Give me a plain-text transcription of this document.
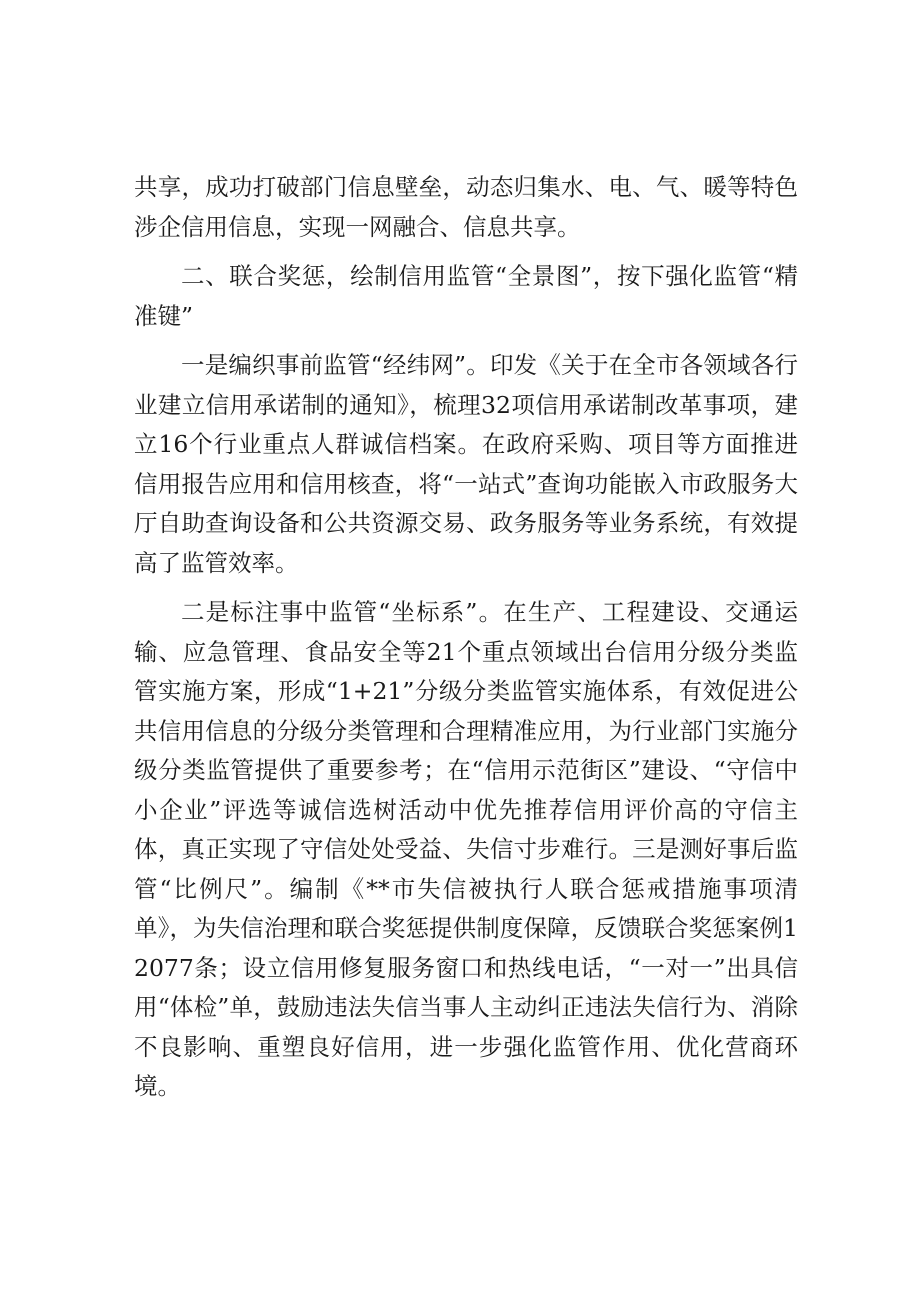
共享，成功打破部门信息壁垒，动态归集水、电、气、暖等特色涉企信用信息，实现一网融合、信息共享。

二、联合奖惩，绘制信用监管“全景图”，按下强化监管“精准键”

一是编织事前监管“经纬网”。印发《关于在全市各领域各行业建立信用承诺制的通知》，梳理32项信用承诺制改革事项，建立16个行业重点人群诚信档案。在政府采购、项目等方面推进信用报告应用和信用核查，将“一站式”查询功能嵌入市政服务大厅自助查询设备和公共资源交易、政务服务等业务系统，有效提高了监管效率。

二是标注事中监管“坐标系”。在生产、工程建设、交通运输、应急管理、食品安全等21个重点领域出台信用分级分类监管实施方案，形成“1+21”分级分类监管实施体系，有效促进公共信用信息的分级分类管理和合理精准应用，为行业部门实施分级分类监管提供了重要参考；在“信用示范街区”建设、“守信中小企业”评选等诚信选树活动中优先推荐信用评价高的守信主体，真正实现了守信处处受益、失信寸步难行。三是测好事后监管“比例尺”。编制《**市失信被执行人联合惩戒措施事项清单》，为失信治理和联合奖惩提供制度保障，反馈联合奖惩案例12077条；设立信用修复服务窗口和热线电话，“一对一”出具信用“体检”单，鼓励违法失信当事人主动纠正违法失信行为、消除不良影响、重塑良好信用，进一步强化监管作用、优化营商环境。
